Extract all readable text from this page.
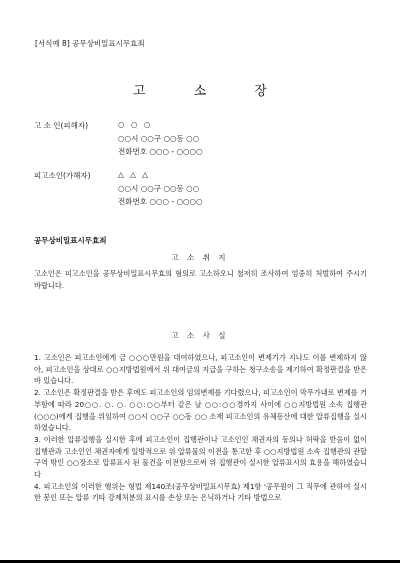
[서식예 8] 공무상비밀표시무효죄
고 소 장
고 소 인(피해자)	○ ○ ○
○○시 ○○구 ○○동 ○○
전화번호 ○○○ - ○○○○
피고소인(가해자)	△ △ △
○○시 ○○구 ○○동 ○○
전화번호 ○○○ - ○○○○
공무상비밀표시무효죄
고 소 취 지

고소인은 피고소인을 공무상비밀표시무효의 혐의로 고소하오니 철저히 조사하여 엄중히 처벌하여 주시기 바랍니다.

고 소 사 실

1. 고소인은 피고소인에게 금 ○○○만원을 대여하였으나, 피고소인이 변제기가 지나도 이를 변제하지 않아, 피고소인을 상대로 ○○지방법원에서 위 대여금의 지급을 구하는 청구소송을 제기하여 확정판결을 받은 바 있습니다.

2. 고소인은 확정판결을 받은 후에도 피고소인의 임의변제를 기다렸으나, 피고소인이 막무가내로 변제를 거부함에 따라 20○○. ○. ○. ○○:○○부터 같은 날 ○○:○○경까지 사이에 ○○지방법원 소속 집행관(○○○)에게 집행을 위임하여 ○○시 ○○구 ○○동 ○○ 소재 피고소인의 유체동산에 대한 압류집행을 실시하였습니다.

3. 이러한 압류집행을 실시한 후에 피고소인이 집행관이나 고소인인 채권자의 동의나 허락을 받음이 없이 집행관과 고소인인 채권자에게 일방적으로 위 압류물의 이전을 통고한 후 ○○지방법원 소속 집행관의 관할구역 밖인 ○○장소로 압류표시 된 물건을 이전함으로써 위 집행관이 실시한 압류표시의 효용을 해하였습니다

4. 피고소인의 이러한 행위는 형법 제140조(공무상비밀표시무효) 제1항 '공무원이 그 직무에 관하여 실시한 봉인 또는 압류 기타 강제처분의 표시를 손상 또는 은닉하거나 기타 방법으로
